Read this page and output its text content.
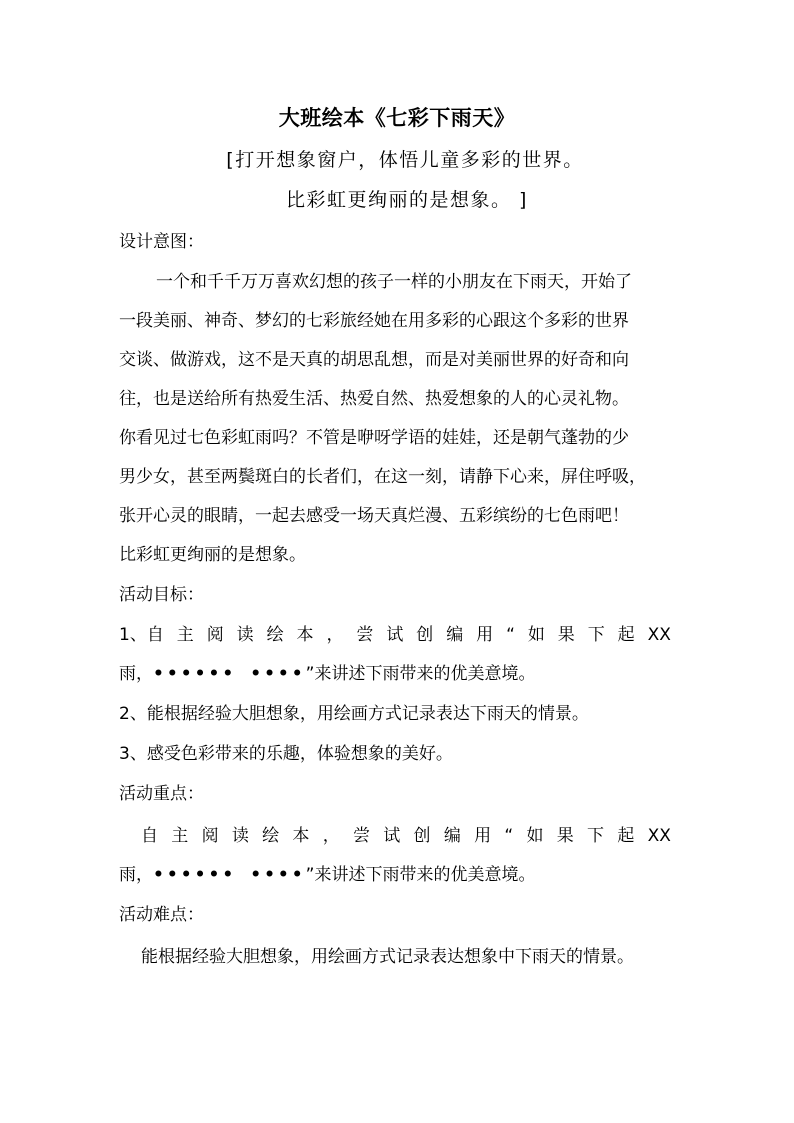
大班绘本《七彩下雨天》
[打开想象窗户，体悟儿童多彩的世界。
比彩虹更绚丽的是想象。 ]
设计意图：
一个和千千万万喜欢幻想的孩子一样的小朋友在下雨天，开始了
一段美丽、神奇、梦幻的七彩旅经她在用多彩的心跟这个多彩的世界
交谈、做游戏，这不是天真的胡思乱想，而是对美丽世界的好奇和向
往，也是送给所有热爱生活、热爱自然、热爱想象的人的心灵礼物。
你看见过七色彩虹雨吗？不管是咿呀学语的娃娃，还是朝气蓬勃的少
男少女，甚至两鬓斑白的长者们，在这一刻，请静下心来，屏住呼吸，
张开心灵的眼睛，一起去感受一场天真烂漫、五彩缤纷的七色雨吧！
比彩虹更绚丽的是想象。
活动目标：
1、自 主 阅 读 绘 本 ， 尝 试 创 编 用 “ 如 果 下 起 XX
雨，•••••• ••••”来讲述下雨带来的优美意境。
2、能根据经验大胆想象，用绘画方式记录表达下雨天的情景。
3、感受色彩带来的乐趣，体验想象的美好。
活动重点：
自 主 阅 读 绘 本 ， 尝 试 创 编 用 “ 如 果 下 起 XX
雨，•••••• ••••”来讲述下雨带来的优美意境。
活动难点：
能根据经验大胆想象，用绘画方式记录表达想象中下雨天的情景。
